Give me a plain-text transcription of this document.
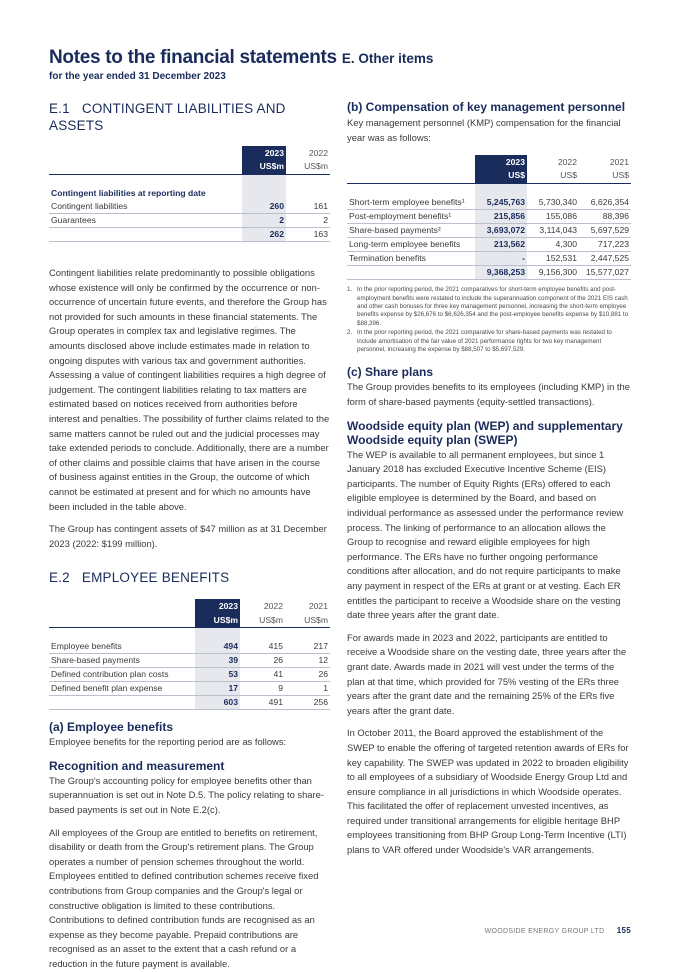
Notes to the financial statements E. Other items
for the year ended 31 December 2023
E.1 CONTINGENT LIABILITIES AND ASSETS
	2023	2022
	US$m	US$m

Contingent liabilities at reporting date		
Contingent liabilities	260	161
Guarantees	2	2
	262	163

Contingent liabilities relate predominantly to possible obligations whose existence will only be confirmed by the occurrence or non-occurrence of uncertain future events, and therefore the Group has not provided for such amounts in these financial statements. The Group operates in complex tax and legislative regimes. The amounts disclosed above include estimates made in relation to ongoing disputes with various tax and government authorities. Assessing a value of contingent liabilities requires a high degree of judgement. The contingent liabilities relating to tax matters are estimated based on notices received from authorities before interest and penalties. The possibility of further claims related to the same matters cannot be ruled out and the judicial processes may take extended periods to conclude. Additionally, there are a number of other claims and possible claims that have arisen in the course of business against entities in the Group, the outcome of which cannot be estimated at present and for which no amounts have been included in the table above.

The Group has contingent assets of $47 million as at 31 December 2023 (2022: $199 million).

E.2 EMPLOYEE BENEFITS
	2023	2022	2021
	US$m	US$m	US$m

Employee benefits	494	415	217
Share-based payments	39	26	12
Defined contribution plan costs	53	41	26
Defined benefit plan expense	17	9	1
	603	491	256
(a) Employee benefits

Employee benefits for the reporting period are as follows:

Recognition and measurement

The Group's accounting policy for employee benefits other than superannuation is set out in Note D.5. The policy relating to share-based payments is set out in Note E.2(c).

All employees of the Group are entitled to benefits on retirement, disability or death from the Group's retirement plans. The Group operates a number of pension schemes throughout the world. Employees entitled to defined contribution schemes receive fixed contributions from Group companies and the Group's legal or constructive obligation is limited to these contributions. Contributions to defined contribution funds are recognised as an expense as they become payable. Prepaid contributions are recognised as an asset to the extent that a cash refund or a reduction in the future payment is available.

(b) Compensation of key management personnel

Key management personnel (KMP) compensation for the financial year was as follows:

	2023	2022	2021
	US$	US$	US$

Short-term employee benefits¹	5,245,763	5,730,340	6,626,354
Post-employment benefits¹	215,856	155,086	88,396
Share-based payments²	3,693,072	3,114,043	5,697,529
Long-term employee benefits	213,562	4,300	717,223
Termination benefits	-	152,531	2,447,525
	9,368,253	9,156,300	15,577,027
1. In the prior reporting period, the 2021 comparatives for short-term employee benefits and post-employment benefits were restated to include the superannuation component of the 2021 EIS cash and other cash bonuses for three key management personnel, increasing the short-term employee benefits expense by $26,676 to $6,626,354 and the post-employee benefits expense by $10,881 to $88,396.
2. In the prior reporting period, the 2021 comparative for share-based payments was restated to include amortisation of the fair value of 2021 performance rights for two key management personnel, increasing the expense by $88,507 to $5,697,529.
(c) Share plans

The Group provides benefits to its employees (including KMP) in the form of share-based payments (equity-settled transactions).

Woodside equity plan (WEP) and supplementary Woodside equity plan (SWEP)

The WEP is available to all permanent employees, but since 1 January 2018 has excluded Executive Incentive Scheme (EIS) participants. The number of Equity Rights (ERs) offered to each eligible employee is determined by the Board, and based on individual performance as assessed under the performance review process. The linking of performance to an allocation allows the Group to recognise and reward eligible employees for high performance. The ERs have no further ongoing performance conditions after allocation, and do not require participants to make any payment in respect of the ERs at grant or at vesting. Each ER entitles the participant to receive a Woodside share on the vesting date three years after the grant date.

For awards made in 2023 and 2022, participants are entitled to receive a Woodside share on the vesting date, three years after the grant date. Awards made in 2021 will vest under the terms of the plan at that time, which provided for 75% vesting of the ERs three years after the grant date and the remaining 25% of the ERs five years after the grant date.

In October 2011, the Board approved the establishment of the SWEP to enable the offering of targeted retention awards of ERs for key capability. The SWEP was updated in 2022 to broaden eligibility to all employees of a subsidiary of Woodside Energy Group Ltd and ensure compliance in all jurisdictions in which Woodside operates. This facilitated the offer of replacement unvested incentives, as required under transitional arrangements for eligible heritage BHP employees transitioning from BHP Group Long-Term Incentive (LTI) plans to VAR offered under Woodside's VAR arrangements.

WOODSIDE ENERGY GROUP LTD 155
